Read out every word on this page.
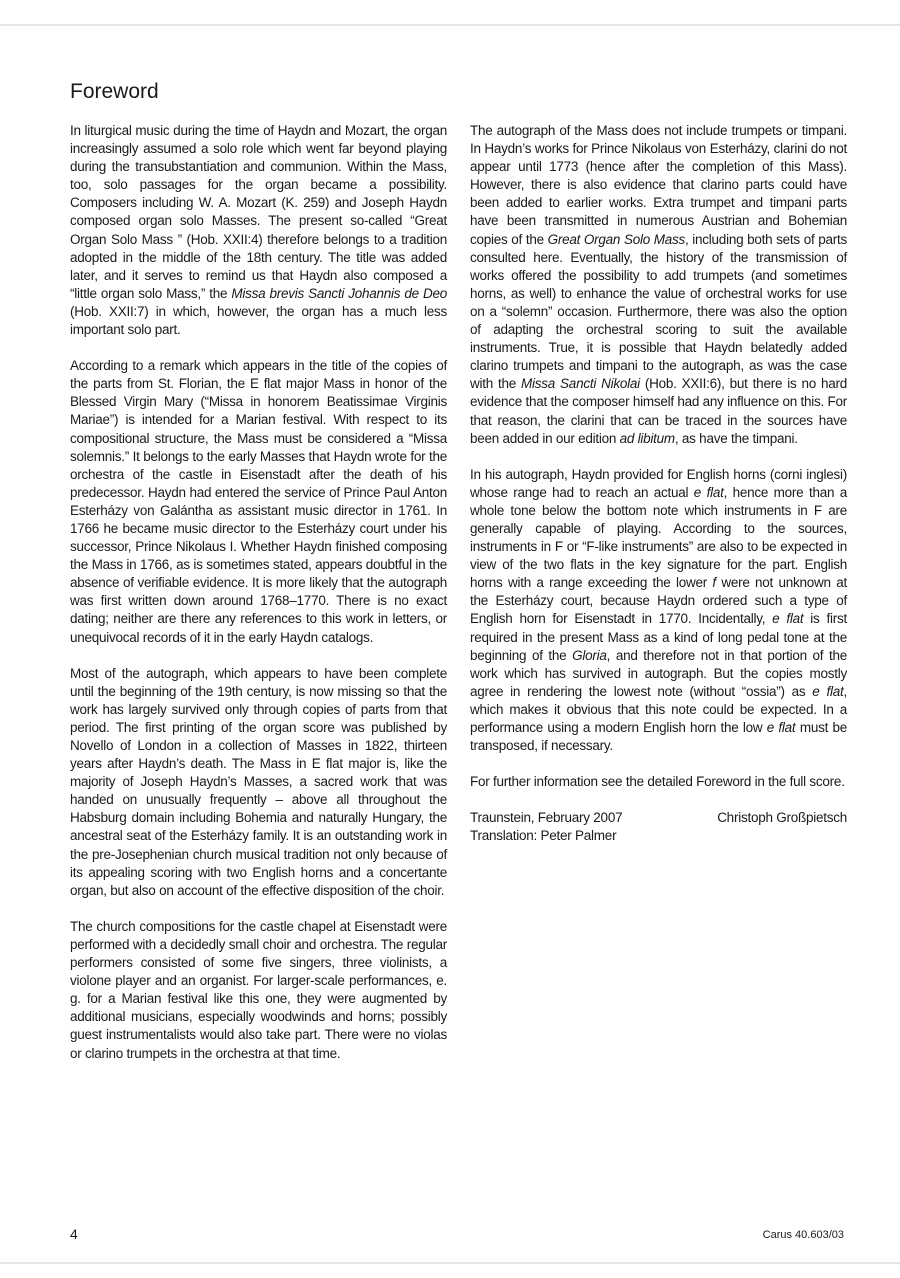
Foreword

In liturgical music during the time of Haydn and Mozart, the organ increasingly assumed a solo role which went far beyond playing during the transubstantiation and communion. Within the Mass, too, solo passages for the organ became a possibility. Composers including W. A. Mozart (K. 259) and Joseph Haydn composed organ solo Masses. The present so-called “Great Organ Solo Mass ” (Hob. XXII:4) therefore belongs to a tradition adopted in the middle of the 18th century. The title was added later, and it serves to remind us that Haydn also composed a “little organ solo Mass,” the Missa brevis Sancti Johannis de Deo (Hob. XXII:7) in which, however, the organ has a much less important solo part.

According to a remark which appears in the title of the copies of the parts from St. Florian, the E flat major Mass in honor of the Blessed Virgin Mary (“Missa in honorem Beatissimae Virginis Mariae”) is intended for a Marian festival. With respect to its compositional structure, the Mass must be considered a “Missa solemnis.” It belongs to the early Masses that Haydn wrote for the orchestra of the castle in Eisenstadt after the death of his predecessor. Haydn had entered the service of Prince Paul Anton Esterházy von Galántha as assistant music director in 1761. In 1766 he became music director to the Esterházy court under his successor, Prince Nikolaus I. Whether Haydn finished composing the Mass in 1766, as is sometimes stated, appears doubtful in the absence of verifiable evidence. It is more likely that the autograph was first written down around 1768–1770. There is no exact dating; neither are there any references to this work in letters, or unequivocal records of it in the early Haydn catalogs.

Most of the autograph, which appears to have been complete until the beginning of the 19th century, is now missing so that the work has largely survived only through copies of parts from that period. The first printing of the organ score was published by Novello of London in a collection of Masses in 1822, thirteen years after Haydn’s death. The Mass in E flat major is, like the majority of Joseph Haydn’s Masses, a sacred work that was handed on unusually frequently – above all throughout the Habsburg domain including Bohemia and naturally Hungary, the ancestral seat of the Esterházy family. It is an outstanding work in the pre-Josephenian church musical tradition not only because of its appealing scoring with two English horns and a concertante organ, but also on account of the effective disposition of the choir.

The church compositions for the castle chapel at Eisenstadt were performed with a decidedly small choir and orchestra. The regular performers consisted of some five singers, three violinists, a violone player and an organist. For larger-scale performances, e. g. for a Marian festival like this one, they were augmented by additional musicians, especially woodwinds and horns; possibly guest instrumentalists would also take part. There were no violas or clarino trumpets in the orchestra at that time.

The autograph of the Mass does not include trumpets or timpani. In Haydn’s works for Prince Nikolaus von Esterházy, clarini do not appear until 1773 (hence after the completion of this Mass). However, there is also evidence that clarino parts could have been added to earlier works. Extra trumpet and timpani parts have been transmitted in numerous Austrian and Bohemian copies of the Great Organ Solo Mass, including both sets of parts consulted here. Eventually, the history of the transmission of works offered the possibility to add trumpets (and sometimes horns, as well) to enhance the value of orchestral works for use on a “solemn” occasion. Furthermore, there was also the option of adapting the orchestral scoring to suit the available instruments. True, it is possible that Haydn belatedly added clarino trumpets and timpani to the autograph, as was the case with the Missa Sancti Nikolai (Hob. XXII:6), but there is no hard evidence that the composer himself had any influence on this. For that reason, the clarini that can be traced in the sources have been added in our edition ad libitum, as have the timpani.

In his autograph, Haydn provided for English horns (corni inglesi) whose range had to reach an actual e flat, hence more than a whole tone below the bottom note which instruments in F are generally capable of playing. According to the sources, instruments in F or “F-like instruments” are also to be expected in view of the two flats in the key signature for the part. English horns with a range exceeding the lower f were not unknown at the Esterházy court, because Haydn ordered such a type of English horn for Eisenstadt in 1770. Incidentally, e flat is first required in the present Mass as a kind of long pedal tone at the beginning of the Gloria, and therefore not in that portion of the work which has survived in autograph. But the copies mostly agree in rendering the lowest note (without “ossia”) as e flat, which makes it obvious that this note could be expected. In a performance using a modern English horn the low e flat must be transposed, if necessary.

For further information see the detailed Foreword in the full score.

Traunstein, February 2007	Christoph Großpietsch
Translation: Peter Palmer
4	Carus 40.603/03
